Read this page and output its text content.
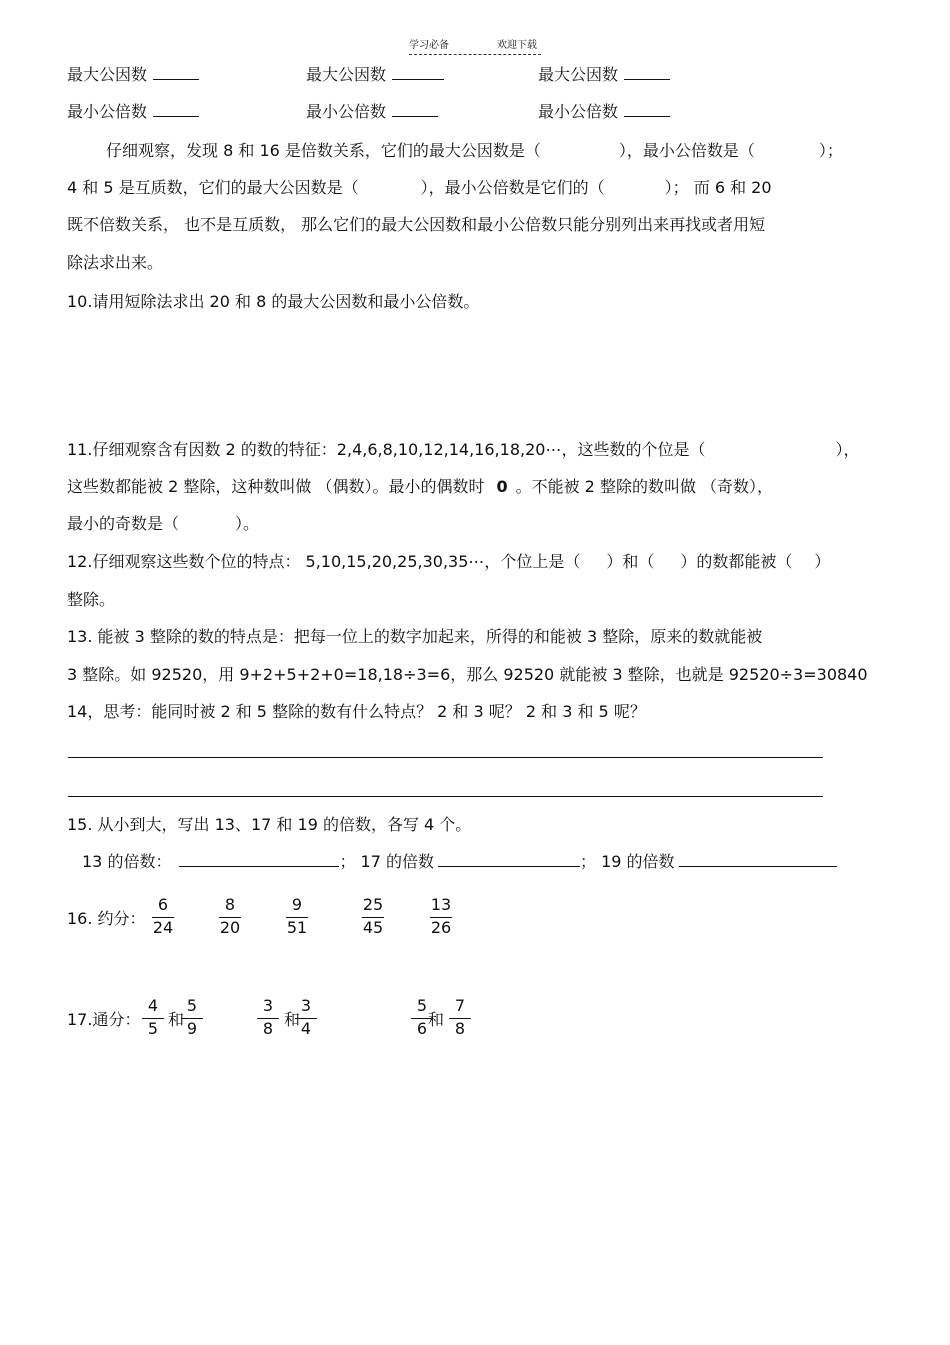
学习必备	欢迎下载
最大公因数	最大公因数	最大公因数
最小公倍数	最小公倍数	最小公倍数
仔细观察，发现 8 和 16 是倍数关系，它们的最大公因数是（	），最小公倍数是（	）；
4 和 5 是互质数，它们的最大公因数是（	），最小公倍数是它们的（	）； 而 6 和 20
既不倍数关系， 也不是互质数， 那么它们的最大公因数和最小公倍数只能分别列出来再找或者用短
除法求出来。
10.请用短除法求出 20 和 8 的最大公因数和最小公倍数。
11.仔细观察含有因数 2 的数的特征：2,4,6,8,10,12,14,16,18,20⋯，这些数的个位是（	），
这些数都能被 2 整除，这种数叫做 （偶数）。最小的偶数时 0 。不能被 2 整除的数叫做 （奇数），
最小的奇数是（	）。
12.仔细观察这些数个位的特点： 5,10,15,20,25,30,35⋯，个位上是（ ）和（ ）的数都能被（ ）
整除。
13. 能被 3 整除的数的特点是：把每一位上的数字加起来，所得的和能被 3 整除，原来的数就能被
3 整除。如 92520，用 9+2+5+2+0=18,18÷3=6，那么 92520 就能被 3 整除，也就是 92520÷3=30840
14，思考：能同时被 2 和 5 整除的数有什么特点？ 2 和 3 呢？ 2 和 3 和 5 呢？
15. 从小到大，写出 13、17 和 19 的倍数，各写 4 个。
13 的倍数：	； 17 的倍数	； 19 的倍数
16. 约分：
6
24
8
20
9
51
25
45
13
26
17.通分：
4
5 和
5
9
3
8 和
3
4
5
6 和
7
8
